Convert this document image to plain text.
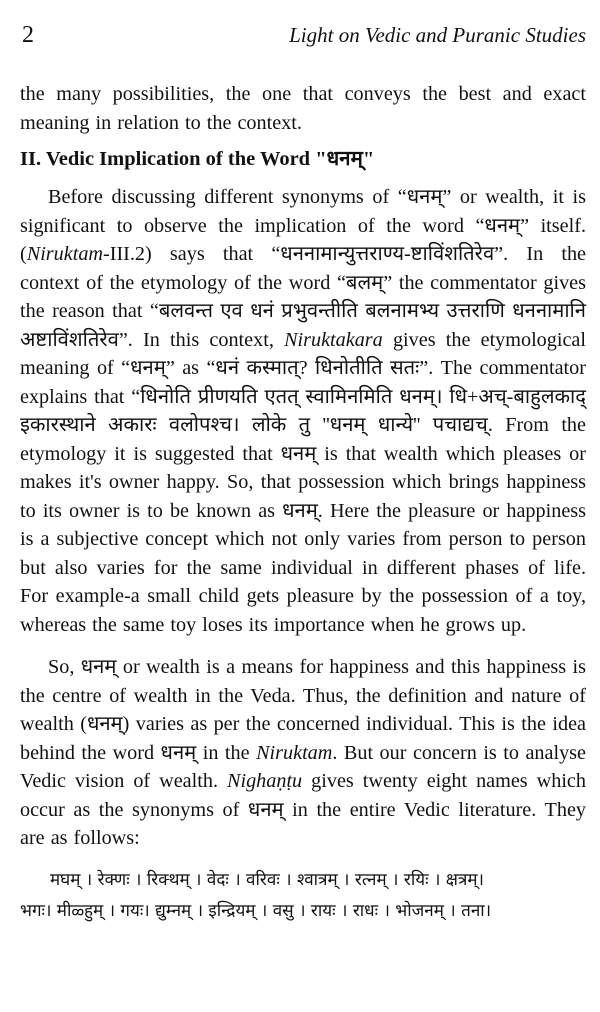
2	Light on Vedic and Puranic Studies

the many possibilities, the one that conveys the best and exact meaning in relation to the context.

II. Vedic Implication of the Word "धनम्"

Before discussing different synonyms of “धनम्” or wealth, it is significant to observe the implication of the word “धनम्” itself. (Niruktam-III.2) says that “धननामान्युत्तराण्य-ष्टाविंशतिरेव”. In the context of the etymology of the word “बलम्” the commentator gives the reason that “बलवन्त एव धनं प्रभुवन्तीति बलनामभ्य उत्तराणि धननामानि अष्टाविंशतिरेव”. In this context, Niruktakara gives the etymological meaning of “धनम्” as “धनं कस्मात्? धिनोतीति सतः”. The commentator explains that “धिनोति प्रीणयति एतत् स्वामिनमिति धनम्। धि+अच्-बाहुलकाद् इकारस्थाने अकारः वलोपश्च। लोके तु ''धनम् धान्ये'' पचाद्यच्. From the etymology it is suggested that धनम् is that wealth which pleases or makes it's owner happy. So, that possession which brings happiness to its owner is to be known as धनम्. Here the pleasure or happiness is a subjective concept which not only varies from person to person but also varies for the same individual in different phases of life. For example-a small child gets pleasure by the possession of a toy, whereas the same toy loses its importance when he grows up.

So, धनम् or wealth is a means for happiness and this happiness is the centre of wealth in the Veda. Thus, the definition and nature of wealth (धनम्) varies as per the concerned individual. This is the idea behind the word धनम् in the Niruktam. But our concern is to analyse Vedic vision of wealth. Nighaṇṭu gives twenty eight names which occur as the synonyms of धनम् in the entire Vedic literature. They are as follows:

मघम् । रेक्णः । रिक्थम् । वेदः । वरिवः । श्वात्रम् । रत्नम् । रयिः । क्षत्रम्।
भगः। मीळ्हुम् । गयः। द्युम्नम् । इन्द्रियम् । वसु । रायः । राधः । भोजनम् । तना।
